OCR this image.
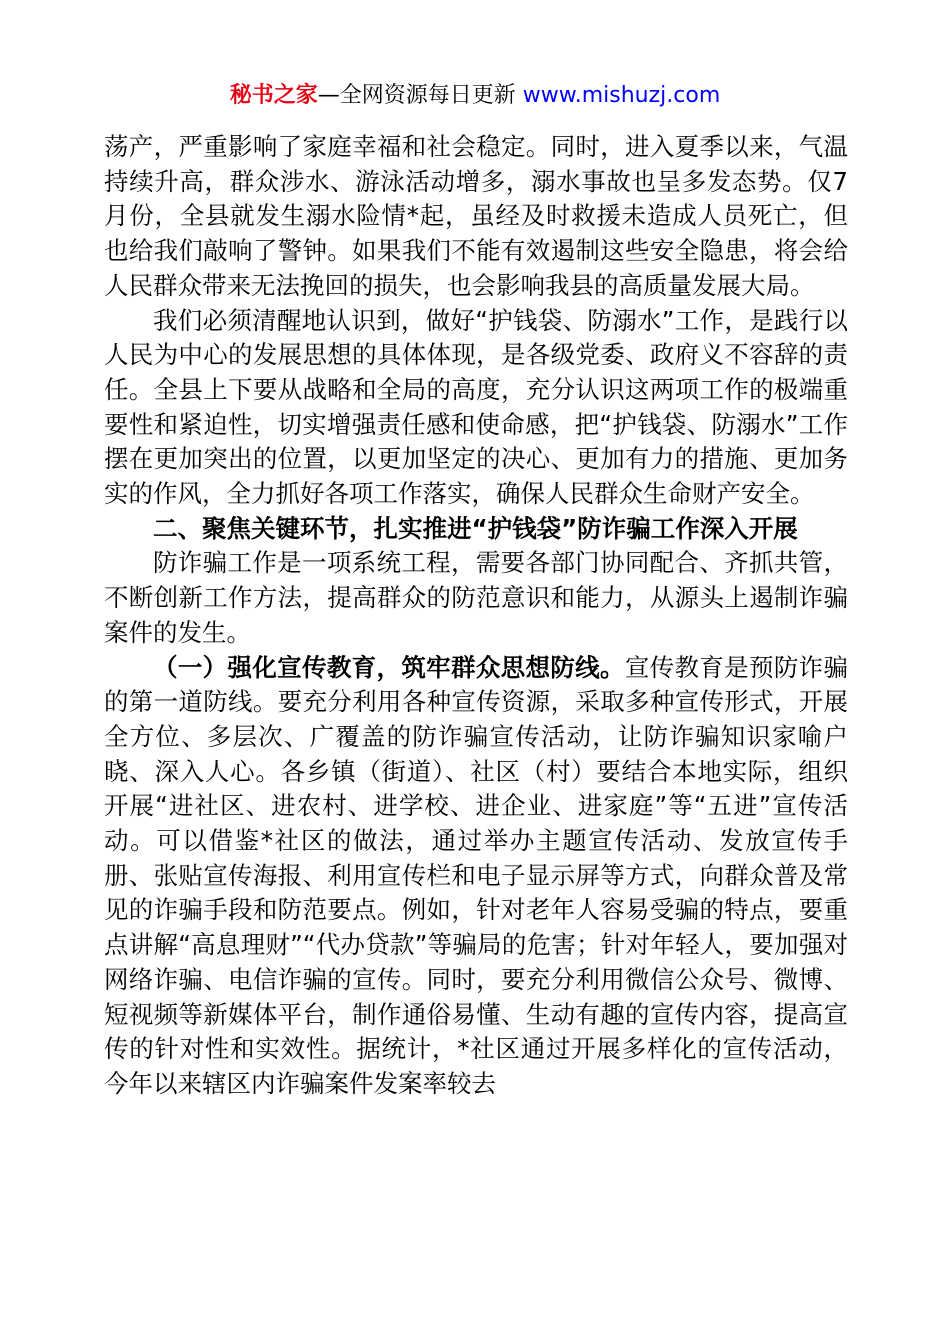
秘书之家—全网资源每日更新 www.mishuzj.com

荡产，严重影响了家庭幸福和社会稳定。同时，进入夏季以来，气温持续升高，群众涉水、游泳活动增多，溺水事故也呈多发态势。仅7月份，全县就发生溺水险情*起，虽经及时救援未造成人员死亡，但也给我们敲响了警钟。如果我们不能有效遏制这些安全隐患，将会给人民群众带来无法挽回的损失，也会影响我县的高质量发展大局。

我们必须清醒地认识到，做好“护钱袋、防溺水”工作，是践行以人民为中心的发展思想的具体体现，是各级党委、政府义不容辞的责任。全县上下要从战略和全局的高度，充分认识这两项工作的极端重要性和紧迫性，切实增强责任感和使命感，把“护钱袋、防溺水”工作摆在更加突出的位置，以更加坚定的决心、更加有力的措施、更加务实的作风，全力抓好各项工作落实，确保人民群众生命财产安全。

二、聚焦关键环节，扎实推进“护钱袋”防诈骗工作深入开展

防诈骗工作是一项系统工程，需要各部门协同配合、齐抓共管，不断创新工作方法，提高群众的防范意识和能力，从源头上遏制诈骗案件的发生。

（一）强化宣传教育，筑牢群众思想防线。宣传教育是预防诈骗的第一道防线。要充分利用各种宣传资源，采取多种宣传形式，开展全方位、多层次、广覆盖的防诈骗宣传活动，让防诈骗知识家喻户晓、深入人心。各乡镇（街道）、社区（村）要结合本地实际，组织开展“进社区、进农村、进学校、进企业、进家庭”等“五进”宣传活动。可以借鉴*社区的做法，通过举办主题宣传活动、发放宣传手册、张贴宣传海报、利用宣传栏和电子显示屏等方式，向群众普及常见的诈骗手段和防范要点。例如，针对老年人容易受骗的特点，要重点讲解“高息理财”“代办贷款”等骗局的危害；针对年轻人，要加强对网络诈骗、电信诈骗的宣传。同时，要充分利用微信公众号、微博、短视频等新媒体平台，制作通俗易懂、生动有趣的宣传内容，提高宣传的针对性和实效性。据统计，*社区通过开展多样化的宣传活动，今年以来辖区内诈骗案件发案率较去
